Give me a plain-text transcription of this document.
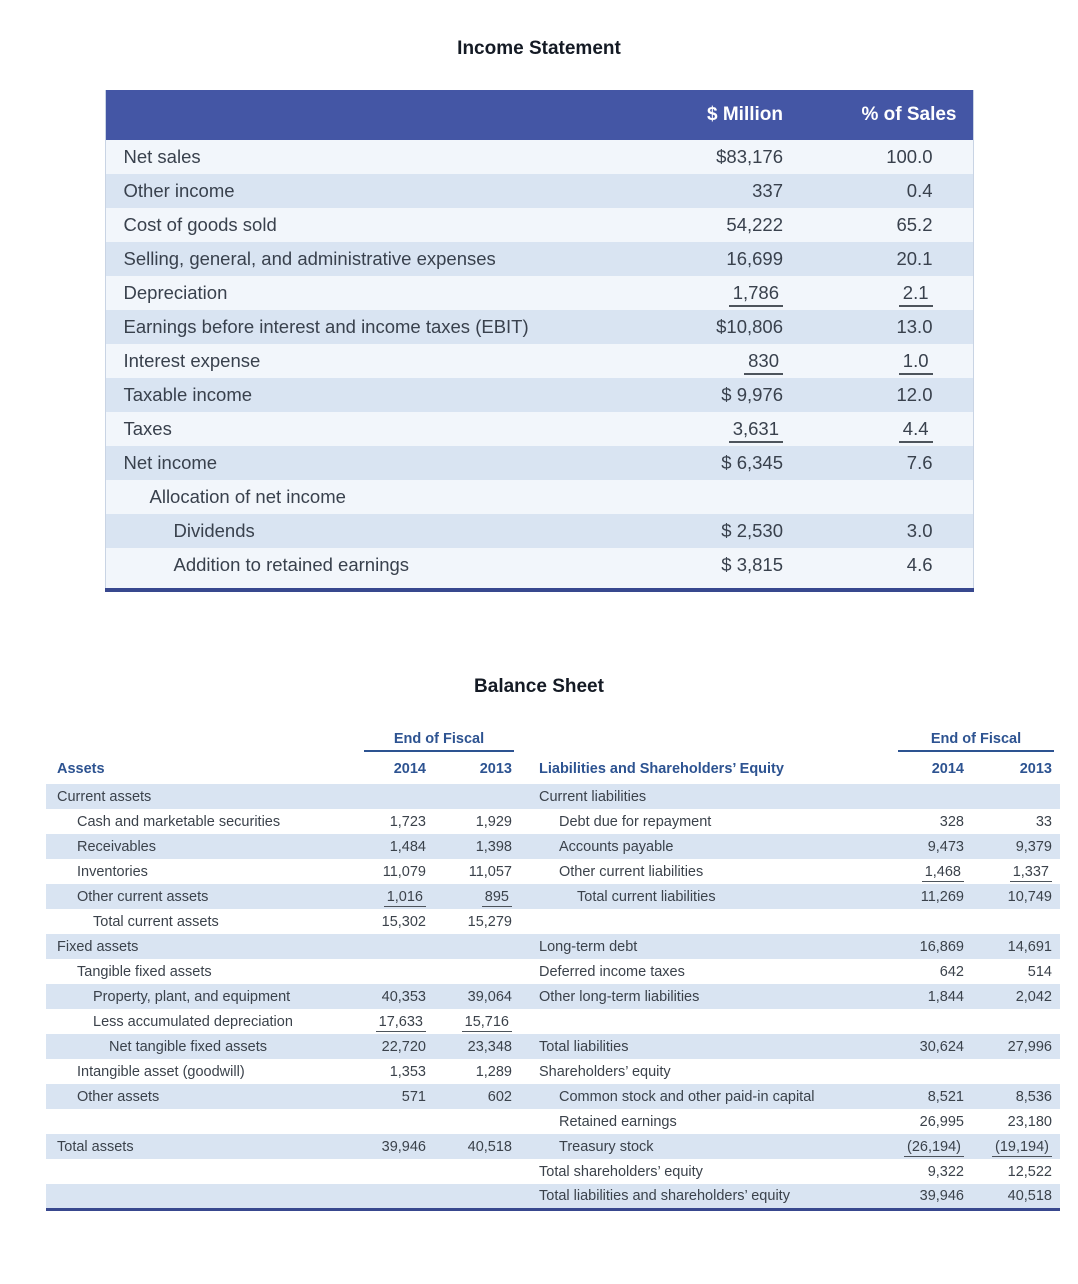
Income Statement
	$ Million	% of Sales
Net sales	$83,176	100.0
Other income	337	0.4
Cost of goods sold	54,222	65.2
Selling, general, and administrative expenses	16,699	20.1
Depreciation	1,786	2.1
Earnings before interest and income taxes (EBIT)	$10,806	13.0
Interest expense	830	1.0
Taxable income	$ 9,976	12.0
Taxes	3,631	4.4
Net income	$ 6,345	7.6
Allocation of net income		
Dividends	$ 2,530	3.0
Addition to retained earnings	$ 3,815	4.6

Balance Sheet

	End of Fiscal			End of Fiscal	

Assets	2014	2013	Liabilities and Shareholders’ Equity	2014	2013
Current assets			Current liabilities		
Cash and marketable securities	1,723	1,929	Debt due for repayment	328	33
Receivables	1,484	1,398	Accounts payable	9,473	9,379
Inventories	11,079	11,057	Other current liabilities	1,468	1,337
Other current assets	1,016	895	Total current liabilities	11,269	10,749
Total current assets	15,302	15,279			
Fixed assets			Long-term debt	16,869	14,691
Tangible fixed assets			Deferred income taxes	642	514
Property, plant, and equipment	40,353	39,064	Other long-term liabilities	1,844	2,042
Less accumulated depreciation	17,633	15,716			
Net tangible fixed assets	22,720	23,348	Total liabilities	30,624	27,996
Intangible asset (goodwill)	1,353	1,289	Shareholders’ equity		
Other assets	571	602	Common stock and other paid-in capital	8,521	8,536
			Retained earnings	26,995	23,180
Total assets	39,946	40,518	Treasury stock	(26,194)	(19,194)
			Total shareholders’ equity	9,322	12,522
			Total liabilities and shareholders’ equity	39,946	40,518
